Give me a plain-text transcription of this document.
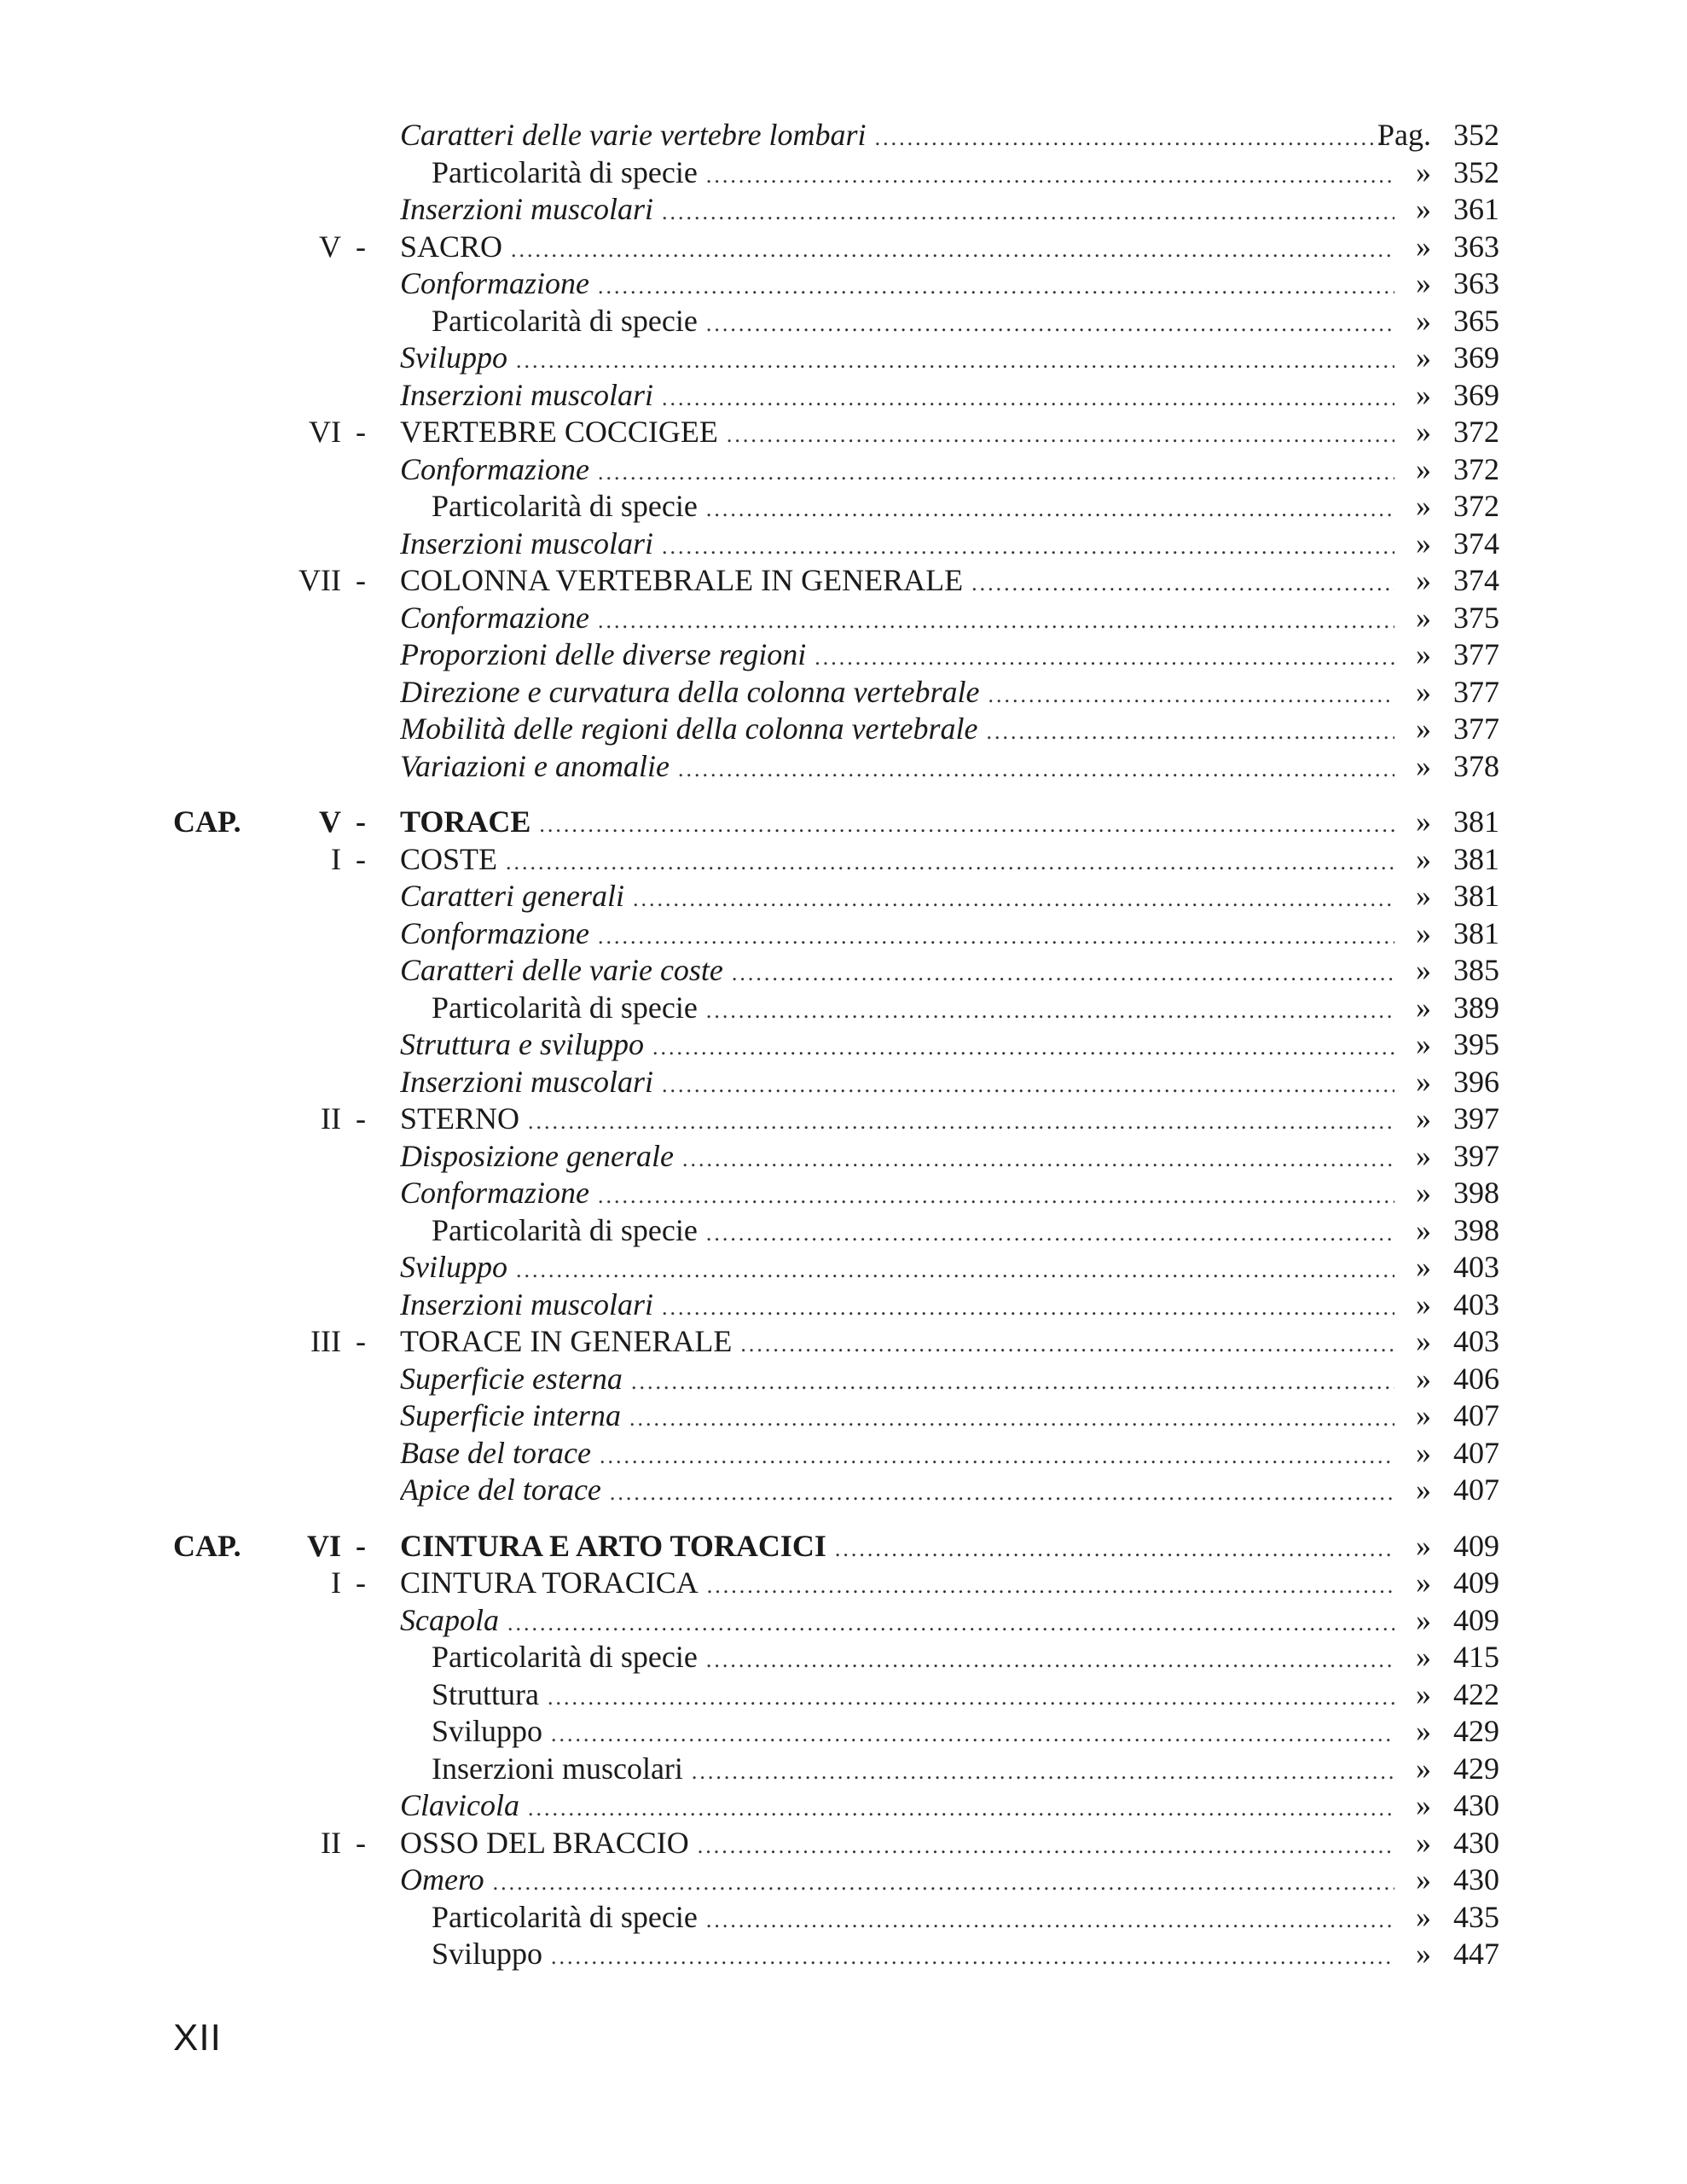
Caratteri delle varie vertebre lombari .....	Pag. 352
Particolarità di specie .....	» 352
Inserzioni muscolari .....	» 361
V - SACRO .....	» 363
Conformazione .....	» 363
Particolarità di specie .....	» 365
Sviluppo .....	» 369
Inserzioni muscolari .....	» 369
VI - VERTEBRE COCCIGEE .....	» 372
Conformazione .....	» 372
Particolarità di specie .....	» 372
Inserzioni muscolari .....	» 374
VII - COLONNA VERTEBRALE IN GENERALE .....	» 374
Conformazione .....	» 375
Proporzioni delle diverse regioni .....	» 377
Direzione e curvatura della colonna vertebrale .....	» 377
Mobilità delle regioni della colonna vertebrale .....	» 377
Variazioni e anomalie .....	» 378
CAP.	V - TORACE .....	» 381
I - COSTE .....	» 381
Caratteri generali .....	» 381
Conformazione .....	» 381
Caratteri delle varie coste .....	» 385
Particolarità di specie .....	» 389
Struttura e sviluppo .....	» 395
Inserzioni muscolari .....	» 396
II - STERNO .....	» 397
Disposizione generale .....	» 397
Conformazione .....	» 398
Particolarità di specie .....	» 398
Sviluppo .....	» 403
Inserzioni muscolari .....	» 403
III - TORACE IN GENERALE .....	» 403
Superficie esterna .....	» 406
Superficie interna .....	» 407
Base del torace .....	» 407
Apice del torace .....	» 407
CAP. VI - CINTURA E ARTO TORACICI .....	» 409
I - CINTURA TORACICA .....	» 409
Scapola .....	» 409
Particolarità di specie .....	» 415
Struttura .....	» 422
Sviluppo .....	» 429
Inserzioni muscolari .....	» 429
Clavicola .....	» 430
II - OSSO DEL BRACCIO .....	» 430
Omero .....	» 430
Particolarità di specie .....	» 435
Sviluppo .....	» 447
XII
